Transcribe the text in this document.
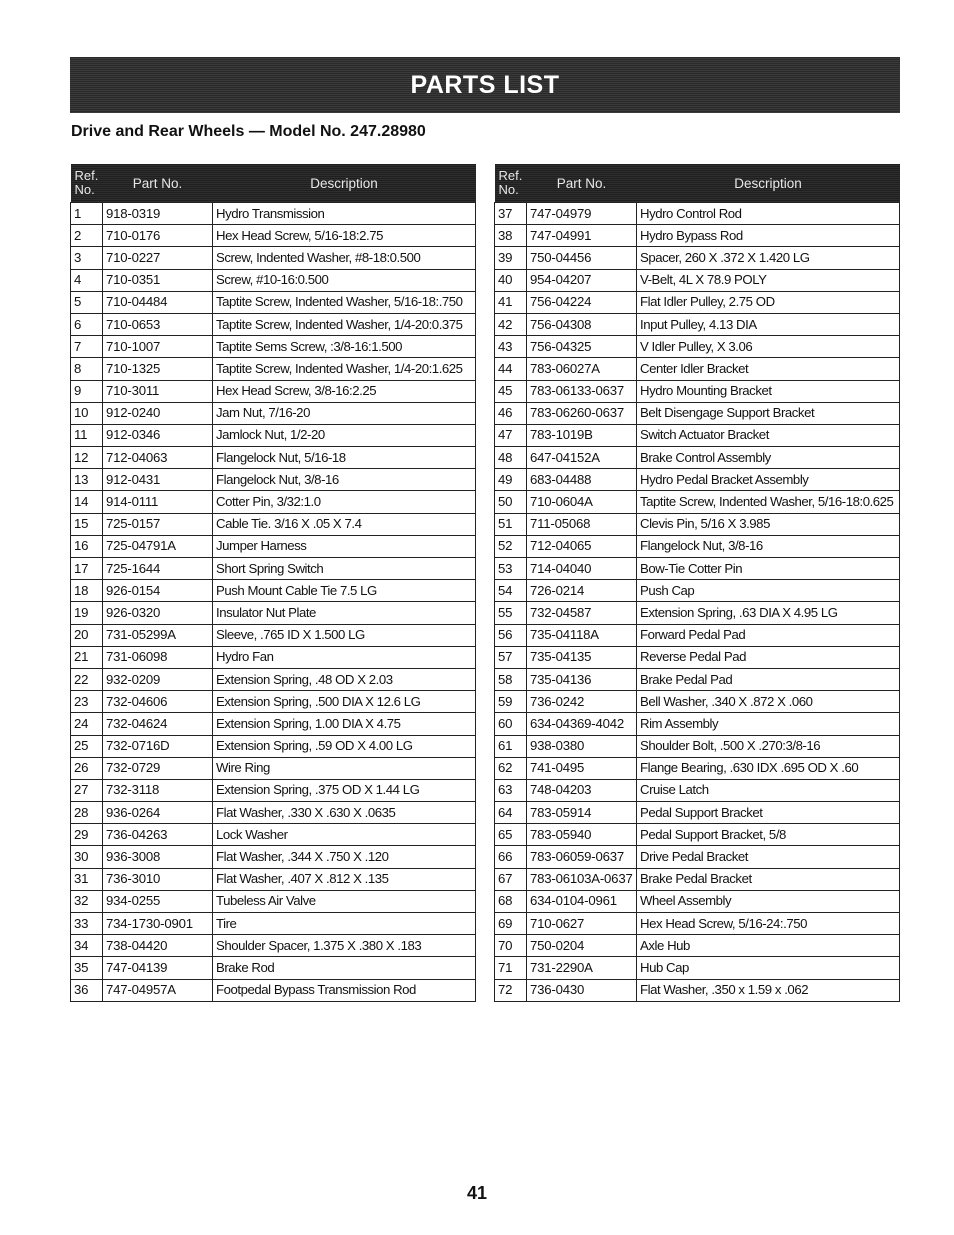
PARTS LIST
Drive and Rear Wheels — Model No. 247.28980
Ref.
No.	Part No.	Description
1	918-0319	Hydro Transmission
2	710-0176	Hex Head Screw, 5/16-18:2.75
3	710-0227	Screw, Indented Washer, #8-18:0.500
4	710-0351	Screw, #10-16:0.500
5	710-04484	Taptite Screw, Indented Washer, 5/16-18:.750
6	710-0653	Taptite Screw, Indented Washer, 1/4-20:0.375
7	710-1007	Taptite Sems Screw, :3/8-16:1.500
8	710-1325	Taptite Screw, Indented Washer, 1/4-20:1.625
9	710-3011	Hex Head Screw, 3/8-16:2.25
10	912-0240	Jam Nut, 7/16-20
11	912-0346	Jamlock Nut, 1/2-20
12	712-04063	Flangelock Nut, 5/16-18
13	912-0431	Flangelock Nut, 3/8-16
14	914-0111	Cotter Pin, 3/32:1.0
15	725-0157	Cable Tie. 3/16 X .05 X 7.4
16	725-04791A	Jumper Harness
17	725-1644	Short Spring Switch
18	926-0154	Push Mount Cable Tie 7.5 LG
19	926-0320	Insulator Nut Plate
20	731-05299A	Sleeve, .765 ID X 1.500 LG
21	731-06098	Hydro Fan
22	932-0209	Extension Spring, .48 OD X 2.03
23	732-04606	Extension Spring, .500 DIA X 12.6 LG
24	732-04624	Extension Spring, 1.00 DIA X 4.75
25	732-0716D	Extension Spring, .59 OD X 4.00 LG
26	732-0729	Wire Ring
27	732-3118	Extension Spring, .375 OD X 1.44 LG
28	936-0264	Flat Washer, .330 X .630 X .0635
29	736-04263	Lock Washer
30	936-3008	Flat Washer, .344 X .750 X .120
31	736-3010	Flat Washer, .407 X .812 X .135
32	934-0255	Tubeless Air Valve
33	734-1730-0901	Tire
34	738-04420	Shoulder Spacer, 1.375 X .380 X .183
35	747-04139	Brake Rod
36	747-04957A	Footpedal Bypass Transmission Rod
Ref.
No.	Part No.	Description
37	747-04979	Hydro Control Rod
38	747-04991	Hydro Bypass Rod
39	750-04456	Spacer, 260 X .372 X 1.420 LG
40	954-04207	V-Belt, 4L X 78.9 POLY
41	756-04224	Flat Idler Pulley, 2.75 OD
42	756-04308	Input Pulley, 4.13 DIA
43	756-04325	V Idler Pulley, X 3.06
44	783-06027A	Center Idler Bracket
45	783-06133-0637	Hydro Mounting Bracket
46	783-06260-0637	Belt Disengage Support Bracket
47	783-1019B	Switch Actuator Bracket
48	647-04152A	Brake Control Assembly
49	683-04488	Hydro Pedal Bracket Assembly
50	710-0604A	Taptite Screw, Indented Washer, 5/16-18:0.625
51	711-05068	Clevis Pin, 5/16 X 3.985
52	712-04065	Flangelock Nut, 3/8-16
53	714-04040	Bow-Tie Cotter Pin
54	726-0214	Push Cap
55	732-04587	Extension Spring, .63 DIA X 4.95 LG
56	735-04118A	Forward Pedal Pad
57	735-04135	Reverse Pedal Pad
58	735-04136	Brake Pedal Pad
59	736-0242	Bell Washer, .340 X .872 X .060
60	634-04369-4042	Rim Assembly
61	938-0380	Shoulder Bolt, .500 X .270:3/8-16
62	741-0495	Flange Bearing, .630 IDX .695 OD X .60
63	748-04203	Cruise Latch
64	783-05914	Pedal Support Bracket
65	783-05940	Pedal Support Bracket, 5/8
66	783-06059-0637	Drive Pedal Bracket
67	783-06103A-0637	Brake Pedal Bracket
68	634-0104-0961	Wheel Assembly
69	710-0627	Hex Head Screw, 5/16-24:.750
70	750-0204	Axle Hub
71	731-2290A	Hub Cap
72	736-0430	Flat Washer, .350 x 1.59 x .062
41
